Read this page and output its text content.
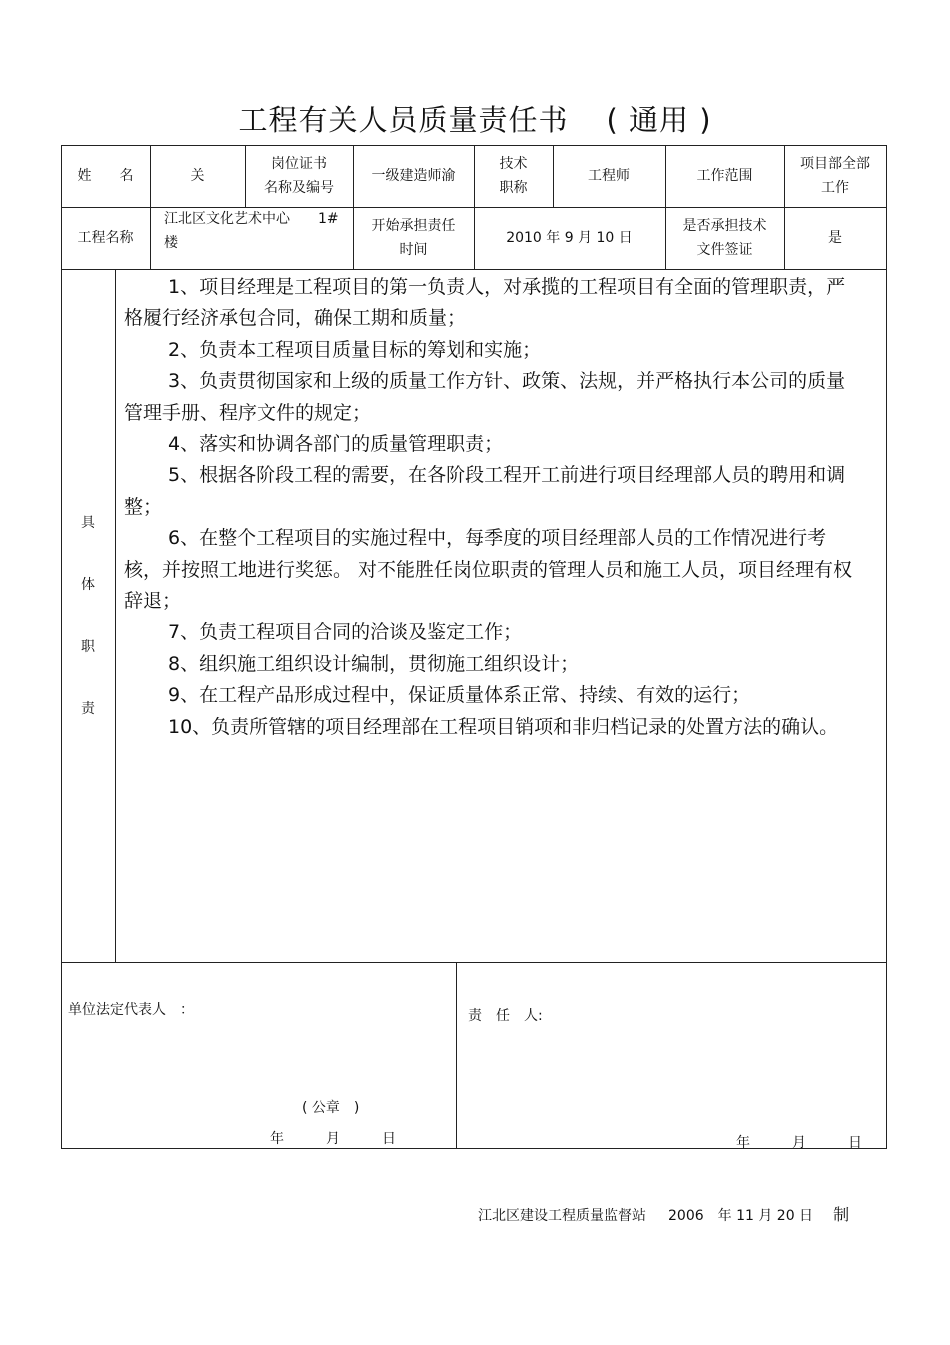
工程有关人员质量责任书 ( 通用 )
姓　　名	关
岗位证书
名称及编号
一级建造师渝
技术
职称
工程师	工作范围
项目部全部
工作
工程名称
江北区文化艺术中心　　1#
楼
开始承担责任
时间
2010 年 9 月 10 日
是否承担技术
文件签证
是
具
体
职
责

1、项目经理是工程项目的第一负责人，对承揽的工程项目有全面的管理职责，严格履行经济承包合同，确保工期和质量；

2、负责本工程项目质量目标的筹划和实施；

3、负责贯彻国家和上级的质量工作方针、政策、法规，并严格执行本公司的质量管理手册、程序文件的规定；

4、落实和协调各部门的质量管理职责；

5、根据各阶段工程的需要，在各阶段工程开工前进行项目经理部人员的聘用和调整；

6、在整个工程项目的实施过程中，每季度的项目经理部人员的工作情况进行考核，并按照工地进行奖惩。 对不能胜任岗位职责的管理人员和施工人员，项目经理有权辞退；

7、负责工程项目合同的洽谈及鉴定工作；

8、组织施工组织设计编制，贯彻施工组织设计；

9、在工程产品形成过程中，保证质量体系正常、持续、有效的运行；

10、负责所管辖的项目经理部在工程项目销项和非归档记录的处置方法的确认。

单位法定代表人　：
( 公章　)
年　　　月　　　日
责　任　人:
年　　　月　　　日
江北区建设工程质量监督站 2006　年 11 月 20 日 制
